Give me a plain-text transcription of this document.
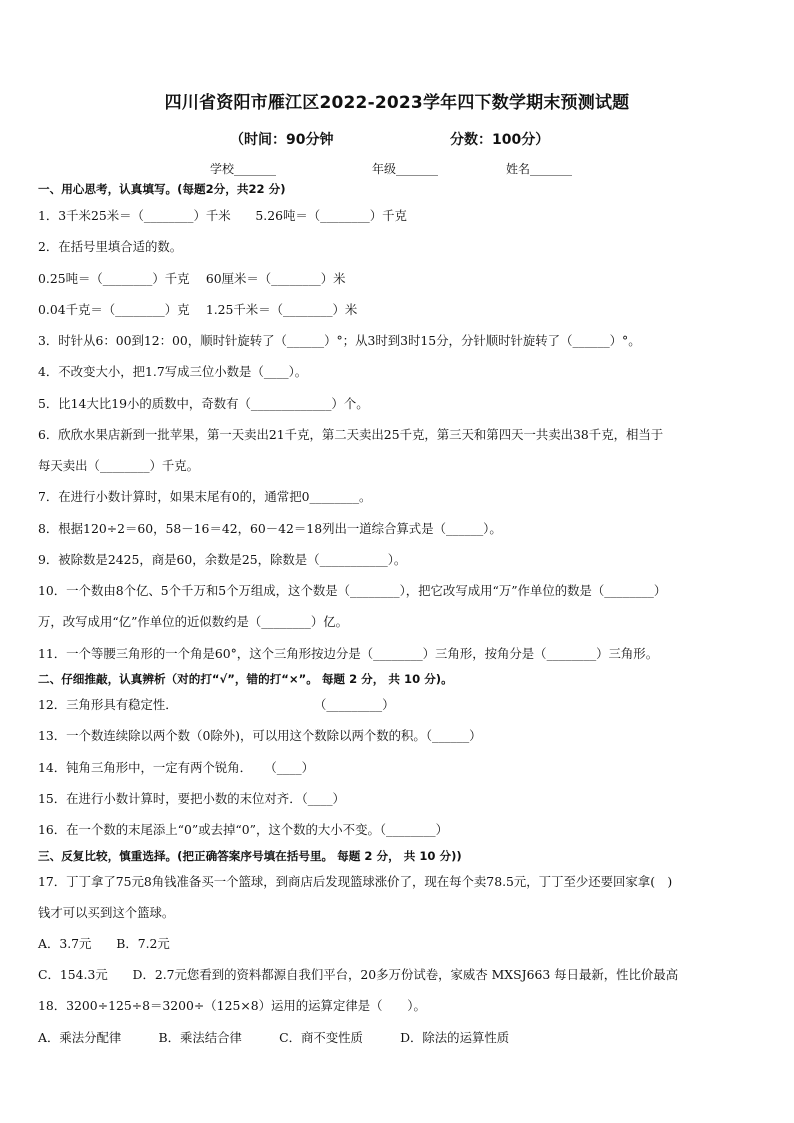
四川省资阳市雁江区2022-2023学年四下数学期末预测试题
（时间：90分钟	分数：100分）
学校_______	年级_______	姓名_______
一、用心思考，认真填写。(每题2分，共22 分)
1．3千米25米＝（________）千米　　5.26吨＝（________）千克
2．在括号里填合适的数。
0.25吨＝（________）千克　 60厘米＝（________）米
0.04千克＝（________）克　 1.25千米＝（________）米
3．时针从6：00到12：00，顺时针旋转了（______）°；从3时到3时15分，分针顺时针旋转了（______）°。
4．不改变大小，把1.7写成三位小数是（____）。
5．比14大比19小的质数中，奇数有（_____________）个。
6．欣欣水果店新到一批苹果，第一天卖出21千克，第二天卖出25千克，第三天和第四天一共卖出38千克，相当于
每天卖出（________）千克。
7．在进行小数计算时，如果末尾有0的，通常把0________。
8．根据120÷2＝60，58－16＝42，60－42＝18列出一道综合算式是（______）。
9．被除数是2425，商是60，余数是25，除数是（___________）。
10．一个数由8个亿、5个千万和5个万组成，这个数是（________），把它改写成用“万”作单位的数是（________）
万，改写成用“亿”作单位的近似数约是（________）亿。
11．一个等腰三角形的一个角是60°，这个三角形按边分是（________）三角形，按角分是（________）三角形。
二、仔细推敲，认真辨析（对的打“√”，错的打“×”。 每题 2 分， 共 10 分)。
12．三角形具有稳定性．　　　　　　　　　　　　（_________）
13．一个数连续除以两个数（0除外)，可以用这个数除以两个数的积。（______）
14．钝角三角形中，一定有两个锐角．　　（____）
15．在进行小数计算时，要把小数的末位对齐．（____）
16．在一个数的末尾添上“0”或去掉“0”，这个数的大小不变。（________）
三、反复比较，慎重选择。(把正确答案序号填在括号里。 每题 2 分， 共 10 分))
17．丁丁拿了75元8角钱准备买一个篮球，到商店后发现篮球涨价了，现在每个卖78.5元，丁丁至少还要回家拿(　)
钱才可以买到这个篮球。
A．3.7元　　B．7.2元
C．154.3元　　D．2.7元您看到的资料都源自我们平台，20多万份试卷，家威杏 MXSJ663 每日最新，性比价最高
18．3200÷125÷8＝3200÷（125×8）运用的运算定律是（　　）。
A．乘法分配律　　　B．乘法结合律　　　C．商不变性质　　　D．除法的运算性质
